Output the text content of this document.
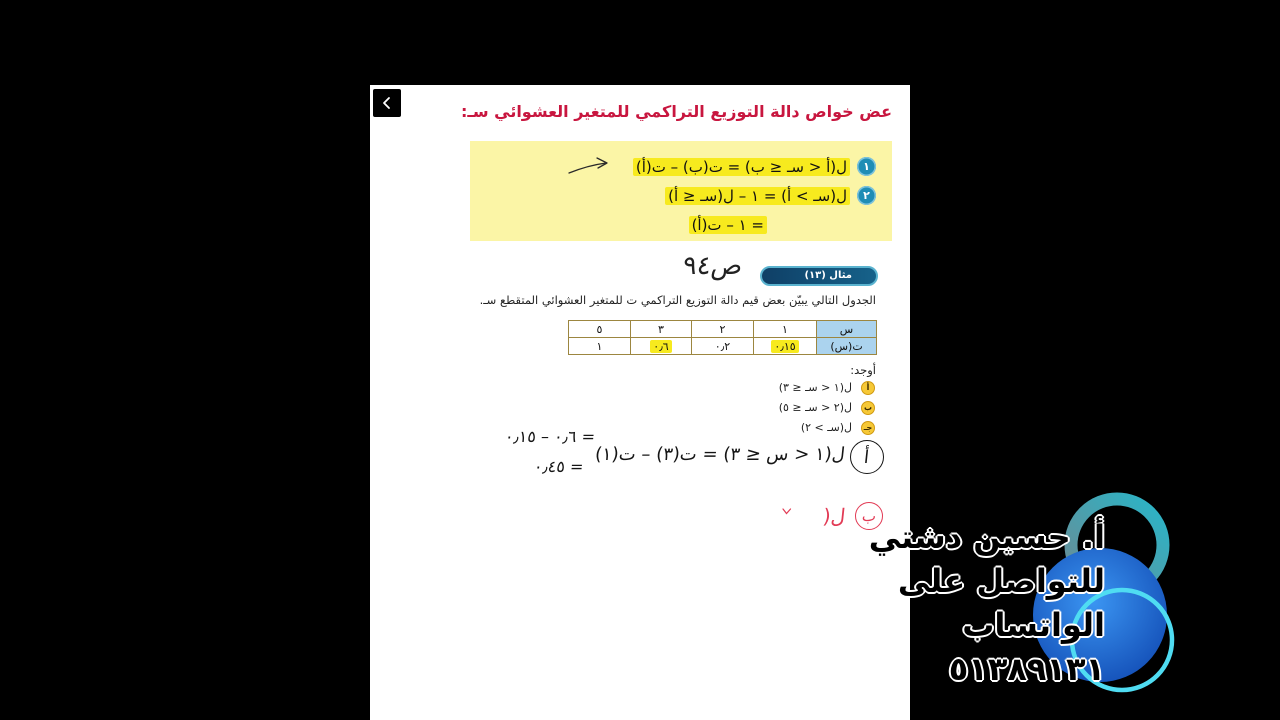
عض خواص دالة التوزيع التراكمي للمتغير العشوائي سـ:
١
ل(أ < سـ ≤ ب) = ت(ب) – ت(أ)
٢
ل(سـ > أ) = ١ – ل(سـ ≤ أ)
= ١ – ت(أ)
مثال (١٣)
ص٩٤
الجدول التالي يبيّن بعض قيم دالة التوزيع التراكمي ت للمتغير العشوائي المتقطع سـ.
س	١	٢	٣	٥
ت(س)	٠٫١٥	٠٫٢	٠٫٦	١
أوجد:
أ
ل(١ < سـ ≤ ٣)
ب
ل(٢ < سـ ≤ ٥)
جـ
ل(سـ > ٢)
أ
ل(١ < س ≤ ٣) = ت(٣) – ت(١)
= ٠٫٦ – ٠٫١٥
= ٠٫٤٥
ب
ل(
أ. حسين دشتي
للتواصل على
الواتساب
٥١٣٨٩١٣١
